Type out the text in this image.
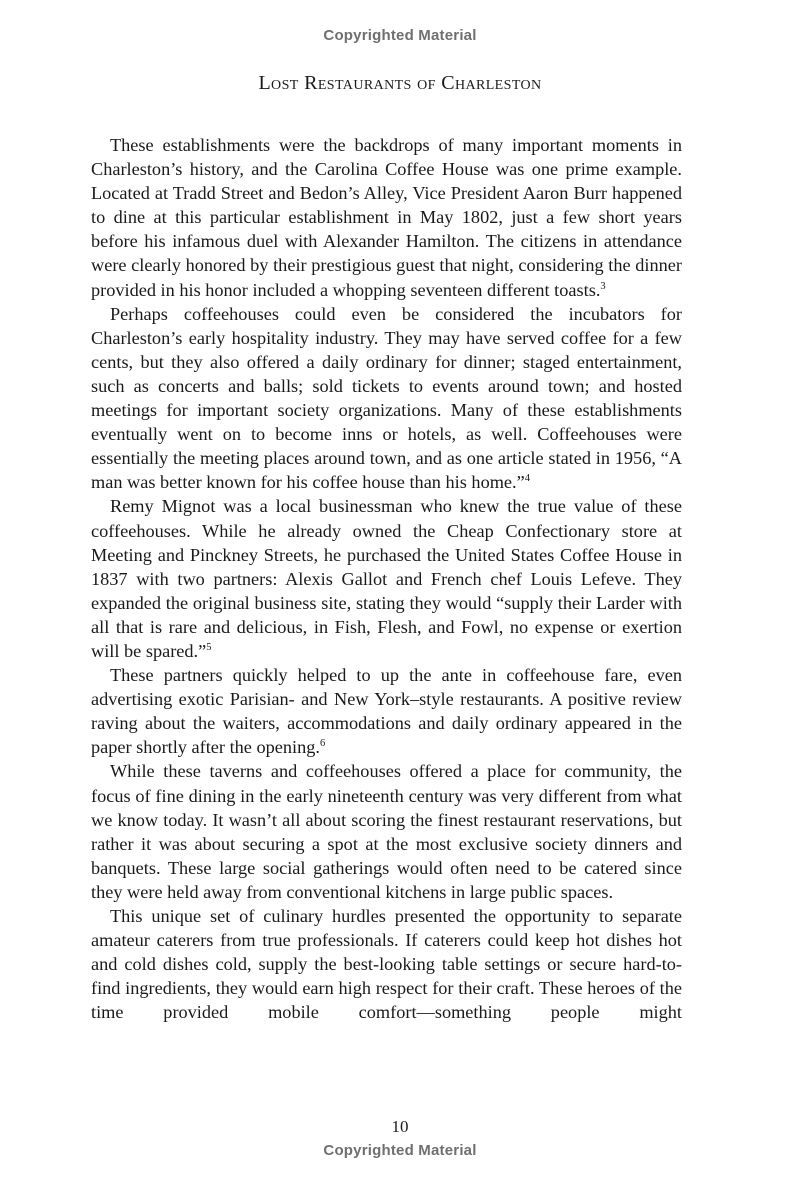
Copyrighted Material
Lost Restaurants of Charleston

These establishments were the backdrops of many important moments in Charleston’s history, and the Carolina Coffee House was one prime example. Located at Tradd Street and Bedon’s Alley, Vice President Aaron Burr happened to dine at this particular establishment in May 1802, just a few short years before his infamous duel with Alexander Hamilton. The citizens in attendance were clearly honored by their prestigious guest that night, considering the dinner provided in his honor included a whopping seventeen different toasts.$^3$

Perhaps coffeehouses could even be considered the incubators for Charleston’s early hospitality industry. They may have served coffee for a few cents, but they also offered a daily ordinary for dinner; staged entertainment, such as concerts and balls; sold tickets to events around town; and hosted meetings for important society organizations. Many of these establishments eventually went on to become inns or hotels, as well. Coffeehouses were essentially the meeting places around town, and as one article stated in 1956, “A man was better known for his coffee house than his home.”$^4$

Remy Mignot was a local businessman who knew the true value of these coffeehouses. While he already owned the Cheap Confectionary store at Meeting and Pinckney Streets, he purchased the United States Coffee House in 1837 with two partners: Alexis Gallot and French chef Louis Lefeve. They expanded the original business site, stating they would “supply their Larder with all that is rare and delicious, in Fish, Flesh, and Fowl, no expense or exertion will be spared.”$^5$

These partners quickly helped to up the ante in coffeehouse fare, even advertising exotic Parisian- and New York–style restaurants. A positive review raving about the waiters, accommodations and daily ordinary appeared in the paper shortly after the opening.$^6$

While these taverns and coffeehouses offered a place for community, the focus of fine dining in the early nineteenth century was very different from what we know today. It wasn’t all about scoring the finest restaurant reservations, but rather it was about securing a spot at the most exclusive society dinners and banquets. These large social gatherings would often need to be catered since they were held away from conventional kitchens in large public spaces.

This unique set of culinary hurdles presented the opportunity to separate amateur caterers from true professionals. If caterers could keep hot dishes hot and cold dishes cold, supply the best-looking table settings or secure hard-to-find ingredients, they would earn high respect for their craft. These heroes of the time provided mobile comfort—something people might

10
Copyrighted Material
